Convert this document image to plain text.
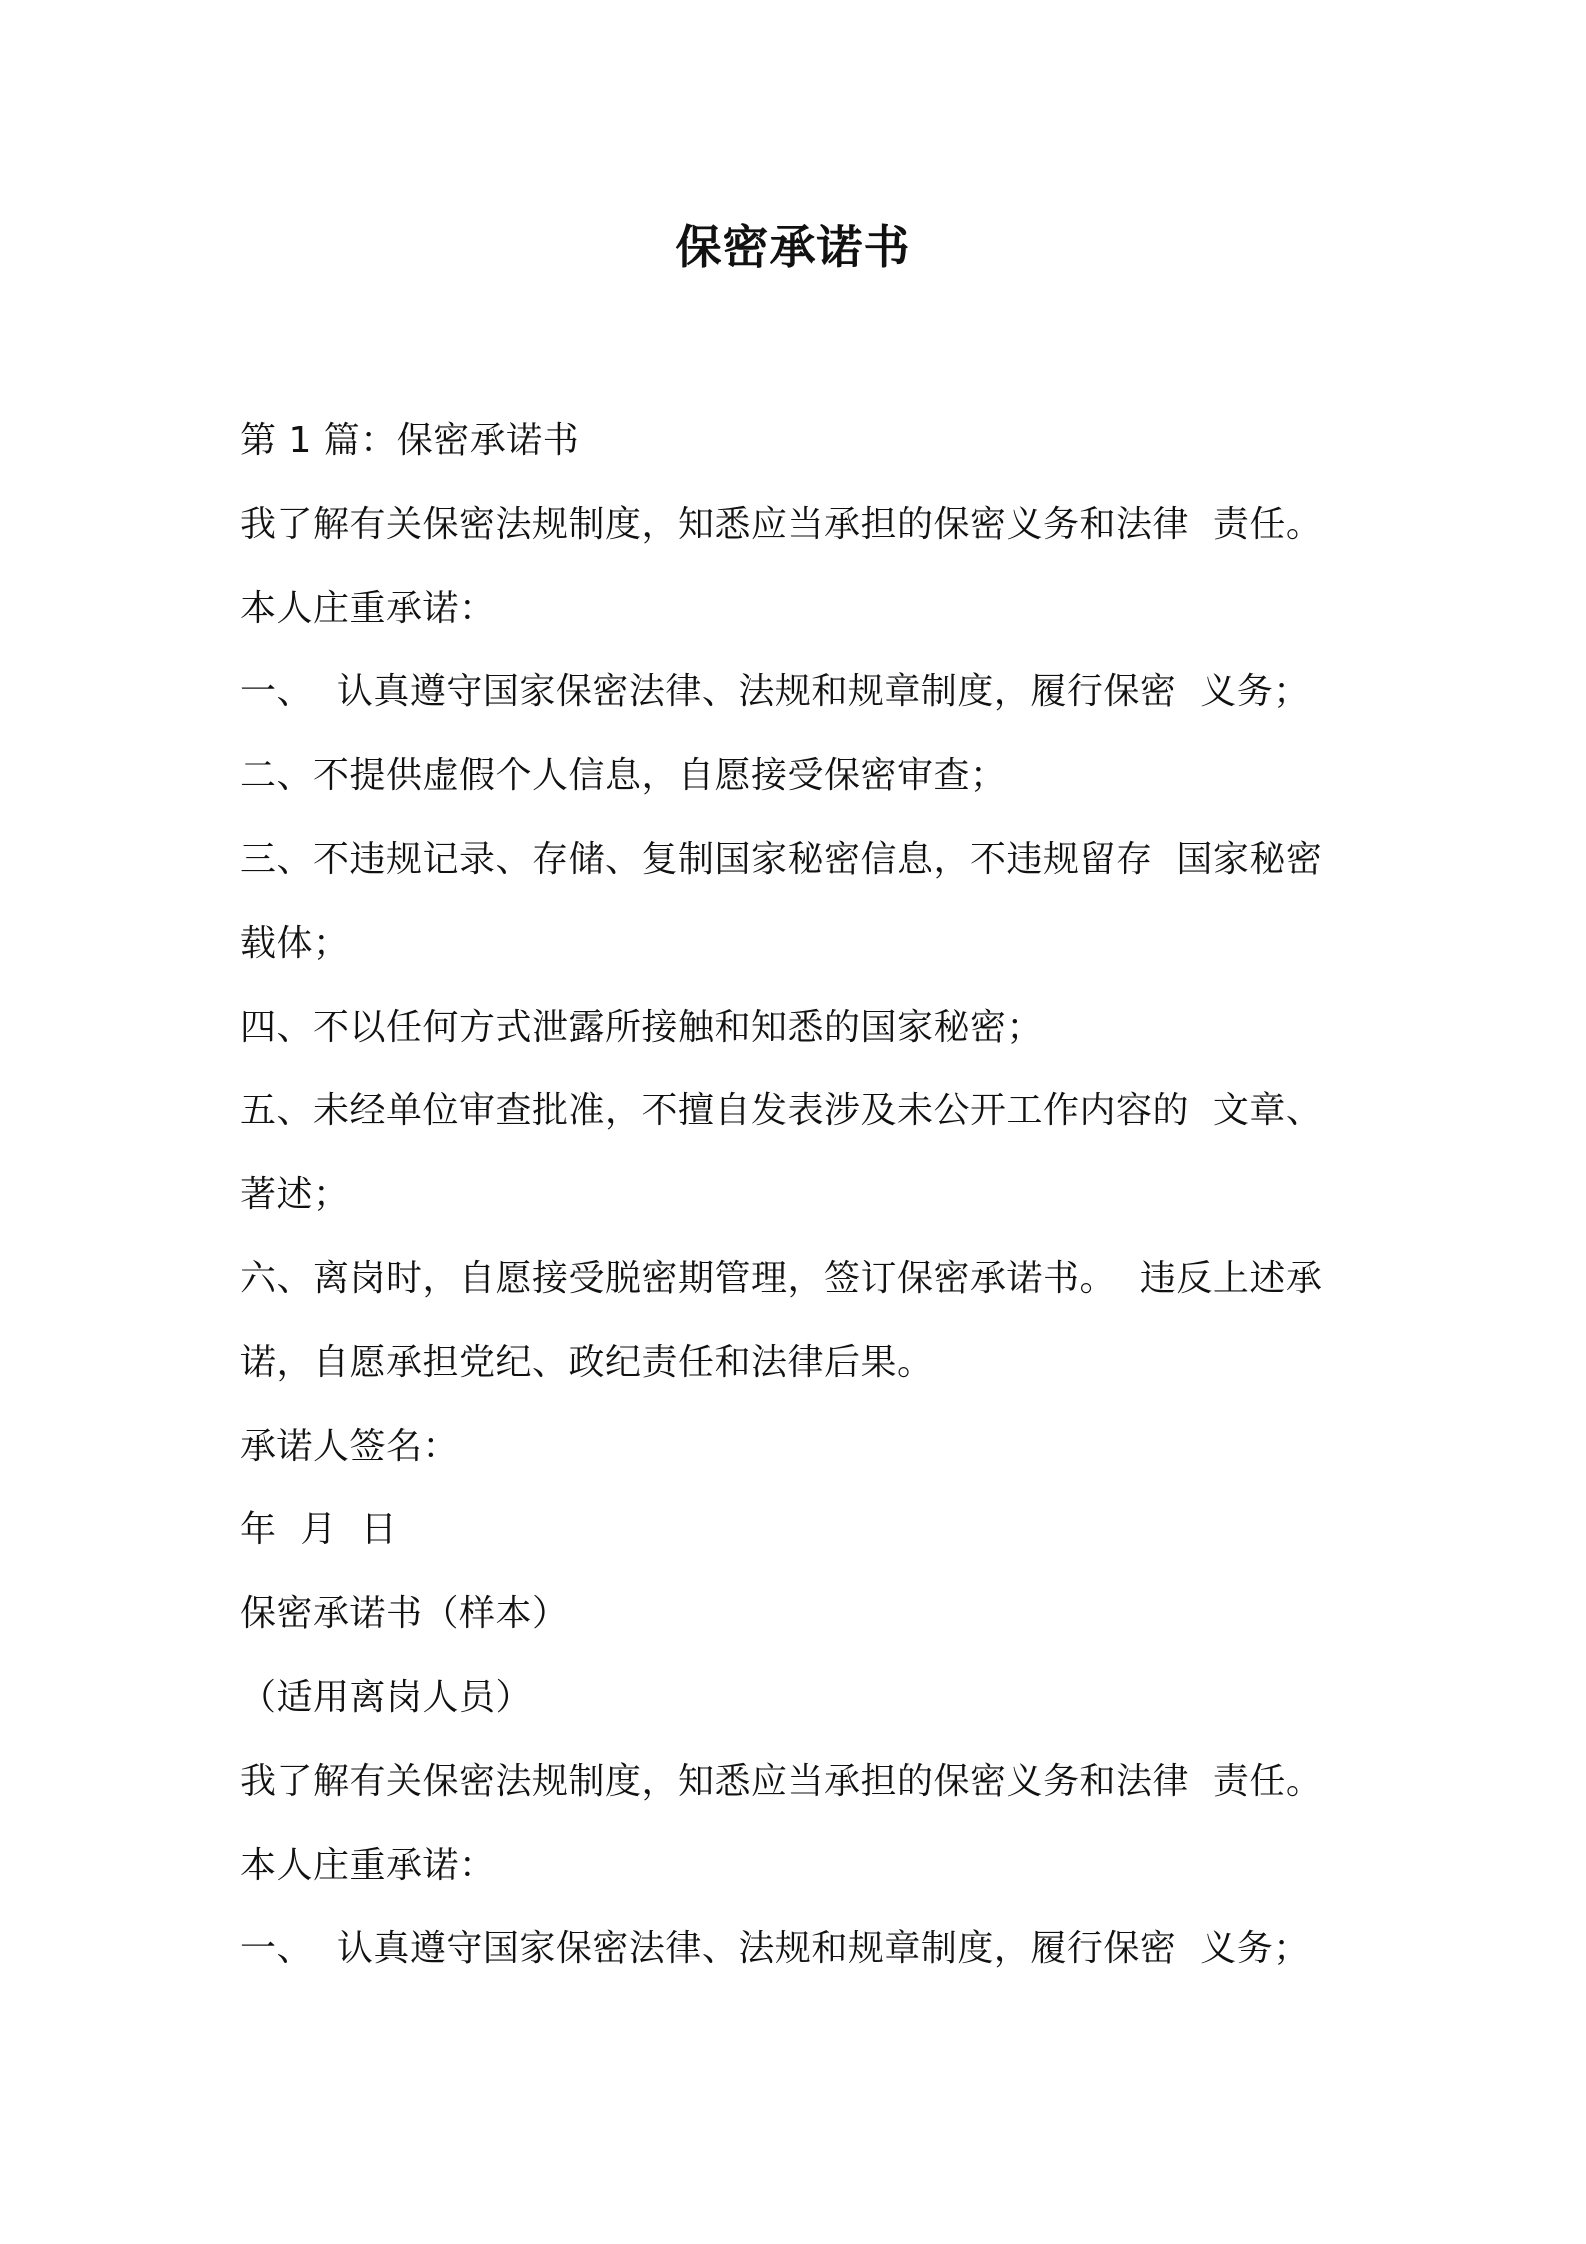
保密承诺书
第 1 篇：保密承诺书
我了解有关保密法规制度，知悉应当承担的保密义务和法律  责任。
本人庄重承诺：
一、  认真遵守国家保密法律、法规和规章制度，履行保密  义务；
二、不提供虚假个人信息，自愿接受保密审查；
三、不违规记录、存储、复制国家秘密信息，不违规留存  国家秘密
载体；
四、不以任何方式泄露所接触和知悉的国家秘密；
五、未经单位审查批准，不擅自发表涉及未公开工作内容的  文章、
著述；
六、离岗时，自愿接受脱密期管理，签订保密承诺书。  违反上述承
诺，自愿承担党纪、政纪责任和法律后果。
承诺人签名：
年  月  日
保密承诺书（样本）
（适用离岗人员）
我了解有关保密法规制度，知悉应当承担的保密义务和法律  责任。
本人庄重承诺：
一、  认真遵守国家保密法律、法规和规章制度，履行保密  义务；
